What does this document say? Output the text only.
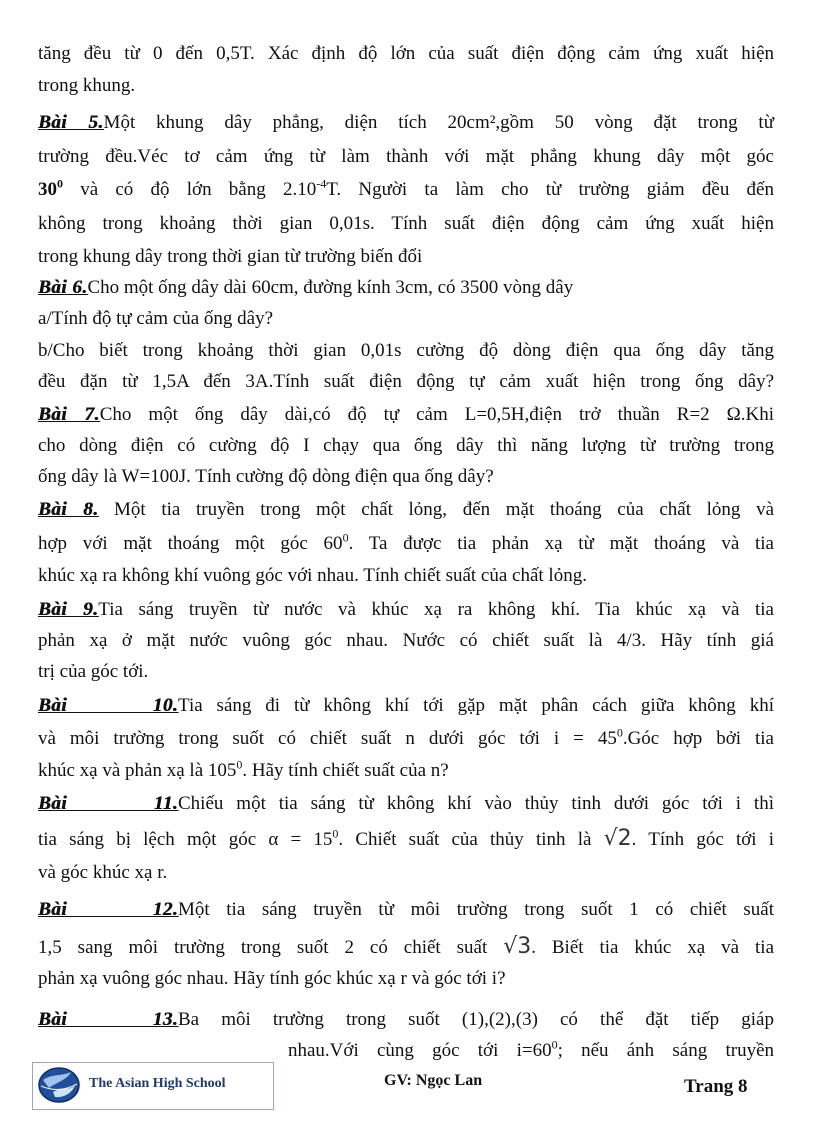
tăng đều từ 0 đến 0,5T. Xác định độ lớn của suất điện động cảm ứng xuất hiện
trong khung.
Bài 5.Một khung dây phẳng, diện tích 20cm²,gồm 50 vòng đặt trong từ
trường đều.Véc tơ cảm ứng từ làm thành với mặt phẳng khung dây một góc
$30^0$ và có độ lớn bằng $2.10^{-4}T$. Người ta làm cho từ trường giảm đều đến
không trong khoảng thời gian 0,01s. Tính suất điện động cảm ứng xuất hiện
trong khung dây trong thời gian từ trường biến đổi
Bài 6.Cho một ống dây dài 60cm, đường kính 3cm, có 3500 vòng dây
a/Tính độ tự cảm của ống dây?
b/Cho biết trong khoảng thời gian 0,01s cường độ dòng điện qua ống dây tăng
đều đặn từ 1,5A đến 3A.Tính suất điện động tự cảm xuất hiện trong ống dây?
Bài 7.Cho một ống dây dài,có độ tự cảm L=0,5H,điện trở thuần R=2 Ω.Khi
cho dòng điện có cường độ I chạy qua ống dây thì năng lượng từ trường trong
ống dây là W=100J. Tính cường độ dòng điện qua ống dây?
Bài 8. Một tia truyền trong một chất lỏng, đến mặt thoáng của chất lỏng và
hợp với mặt thoáng một góc $60^0$. Ta được tia phản xạ từ mặt thoáng và tia
khúc xạ ra không khí vuông góc với nhau. Tính chiết suất của chất lỏng.
Bài 9.Tia sáng truyền từ nước và khúc xạ ra không khí. Tia khúc xạ và tia
phản xạ ở mặt nước vuông góc nhau. Nước có chiết suất là 4/3. Hãy tính giá
trị của góc tới.
Bài 10.Tia sáng đi từ không khí tới gặp mặt phân cách giữa không khí
và môi trường trong suốt có chiết suất n dưới góc tới $i = 45^0.Góc$ hợp bởi tia
khúc xạ và phản xạ là $105^0$. Hãy tính chiết suất của n?
Bài 11.Chiếu một tia sáng từ không khí vào thủy tinh dưới góc tới i thì
tia sáng bị lệch một góc $\alpha = 15^0$. Chiết suất của thủy tinh là √2. Tính góc tới i
và góc khúc xạ r.
Bài 12.Một tia sáng truyền từ môi trường trong suốt 1 có chiết suất
1,5 sang môi trường trong suốt 2 có chiết suất √3. Biết tia khúc xạ và tia
phản xạ vuông góc nhau. Hãy tính góc khúc xạ r và góc tới i?
Bài 13.Ba môi trường trong suốt (1),(2),(3) có thể đặt tiếp giáp
nhau.Với cùng góc tới $i=60^0$; nếu ánh sáng truyền
The Asian High School	GV: Ngọc Lan	Trang 8
